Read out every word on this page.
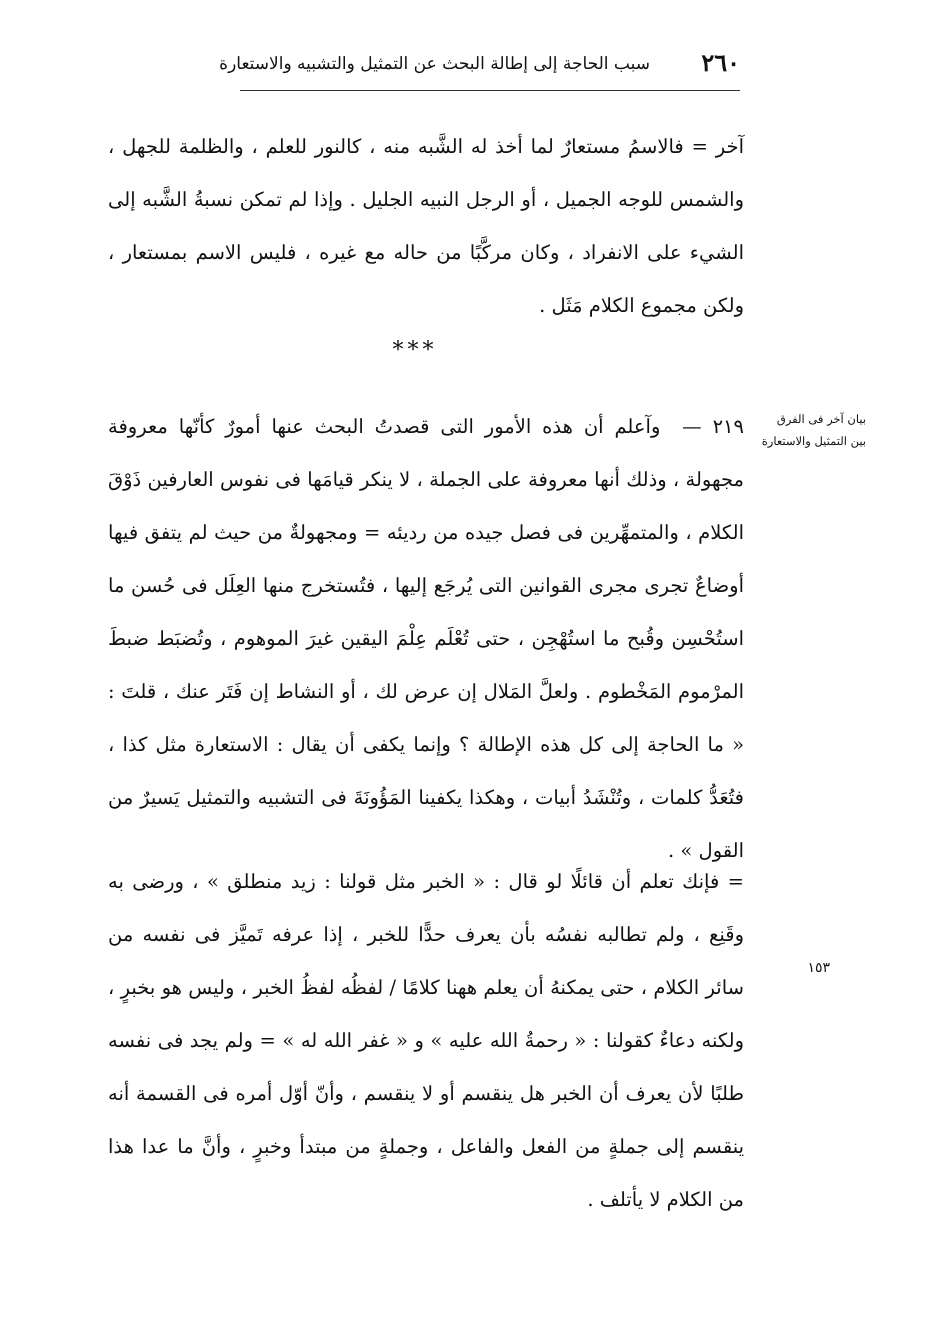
٢٦٠
سبب الحاجة إلى إطالة البحث عن التمثيل والتشبيه والاستعارة

آخر = فالاسمُ مستعارٌ لما أخذ له الشَّبه منه ، كالنور للعلم ، والظلمة للجهل ، والشمس للوجه الجميل ، أو الرجل النبيه الجليل . وإذا لم تمكن نسبةُ الشَّبه إلى الشيء على الانفراد ، وكان مركَّبًا من حاله مع غيره ، فليس الاسم بمستعار ، ولكن مجموع الكلام مَثَل .

***
بيان آخر فى الفرق
بين التمثيل والاستعارة

٢١٩ —  وآعلم أن هذه الأمور التى قصدتُ البحث عنها أمورٌ كأنّها معروفة مجهولة ، وذلك أنها معروفة على الجملة ، لا ينكر قيامَها فى نفوس العارفين ذَوْقَ الكلام ، والمتمهِّرين فى فصل جيده من رديئه = ومجهولةٌ من حيث لم يتفق فيها أوضاعٌ تجرى مجرى القوانين التى يُرجَع إليها ، فتُستخرج منها العِلَل فى حُسن ما استُحْسِن وقُبح ما استُهْجِن ، حتى تُعْلَم عِلْمَ اليقين غيرَ الموهوم ، وتُضبَط ضبطَ المرْموم المَخْطوم . ولعلَّ المَلال إن عرض لك ، أو النشاط إن فَتَر عنك ، قلتَ : « ما الحاجة إلى كل هذه الإطالة ؟ وإنما يكفى أن يقال : الاستعارة مثل كذا ، فتُعَدُّ كلمات ، وتُنْشَدُ أبيات ، وهكذا يكفينا المَؤُونَةَ فى التشبيه والتمثيل يَسيرٌ من القول » .

= فإنك تعلم أن قائلًا لو قال : « الخبر مثل قولنا : زيد منطلق » ، ورضى به وقَنِع ، ولم تطالبه نفسُه بأن يعرف حدًّا للخبر ، إذا عرفه تَميَّز فى نفسه من سائر الكلام ، حتى يمكنهُ أن يعلم ههنا كلامًا / لفظُه لفظُ الخبر ، وليس هو بخبرٍ ، ولكنه دعاءٌ كقولنا : « رحمةُ الله عليه » و « غفر الله له » = ولم يجد فى نفسه طلبًا لأن يعرف أن الخبر هل ينقسم أو لا ينقسم ، وأنّ أوّل أمره فى القسمة أنه ينقسم إلى جملةٍ من الفعل والفاعل ، وجملةٍ من مبتدأ وخبرٍ ، وأنَّ ما عدا هذا من الكلام لا يأتلف .

١٥٣
